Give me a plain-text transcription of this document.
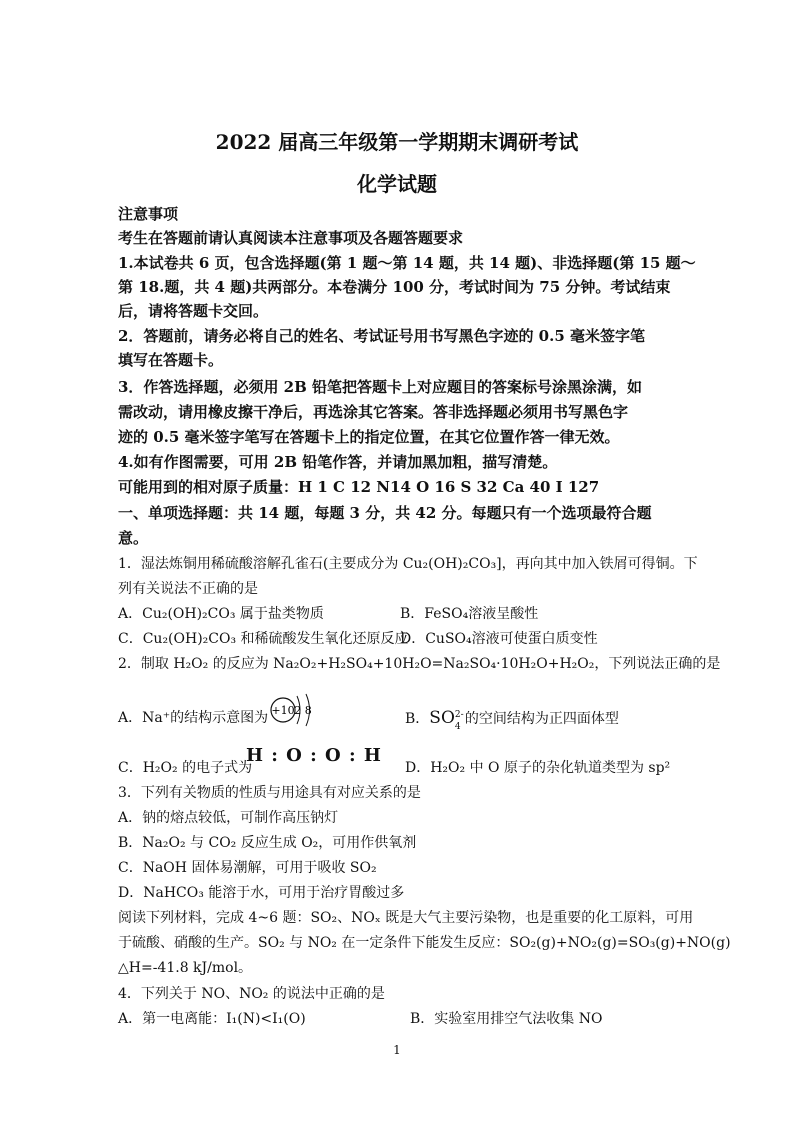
2022 届高三年级第一学期期末调研考试
化学试题
注意事项
考生在答题前请认真阅读本注意事项及各题答题要求
1.本试卷共 6 页，包含选择题(第 1 题～第 14 题，共 14 题)、非选择题(第 15 题～
第 18.题，共 4 题)共两部分。本卷满分 100 分，考试时间为 75 分钟。考试结束
后，请将答题卡交回。
2．答题前，请务必将自己的姓名、考试证号用书写黑色字迹的 0.5 毫米签字笔
填写在答题卡。
3．作答选择题，必须用 2B 铅笔把答题卡上对应题目的答案标号涂黑涂满，如
需改动，请用橡皮擦干净后，再选涂其它答案。答非选择题必须用书写黑色字
迹的 0.5 毫米签字笔写在答题卡上的指定位置，在其它位置作答一律无效。
4.如有作图需要，可用 2B 铅笔作答，并请加黑加粗，描写清楚。
可能用到的相对原子质量：H 1 C 12 N14 O 16 S 32 Ca 40 I 127
一、单项选择题：共 14 题，每题 3 分，共 42 分。每题只有一个选项最符合题
意。
1．湿法炼铜用稀硫酸溶解孔雀石(主要成分为 Cu₂(OH)₂CO₃]，再向其中加入铁屑可得铜。下
列有关说法不正确的是
A．Cu₂(OH)₂CO₃ 属于盐类物质	B．FeSO₄溶液呈酸性
C．Cu₂(OH)₂CO₃ 和稀硫酸发生氧化还原反应
D．CuSO₄溶液可使蛋白质变性
2．制取 H₂O₂ 的反应为 Na₂O₂+H₂SO₄+10H₂O=Na₂SO₄·10H₂O+H₂O₂，下列说法正确的是
A．Na⁺的结构示意图为 +10 2 8
B．SO 2-
4 的空间结构为正四面体型
C．H₂O₂ 的电子式为
H : O : O : H
D．H₂O₂ 中 O 原子的杂化轨道类型为 sp²
3．下列有关物质的性质与用途具有对应关系的是
A．钠的熔点较低，可制作高压钠灯
B．Na₂O₂ 与 CO₂ 反应生成 O₂，可用作供氧剂
C．NaOH 固体易潮解，可用于吸收 SO₂
D．NaHCO₃ 能溶于水，可用于治疗胃酸过多
阅读下列材料，完成 4~6 题：SO₂、NOₓ 既是大气主要污染物，也是重要的化工原料，可用
于硫酸、硝酸的生产。SO₂ 与 NO₂ 在一定条件下能发生反应：SO₂(g)+NO₂(g)=SO₃(g)+NO(g)
△H=-41.8 kJ/mol。
4．下列关于 NO、NO₂ 的说法中正确的是
A．第一电离能：I₁(N)<I₁(O)	B．实验室用排空气法收集 NO
1
